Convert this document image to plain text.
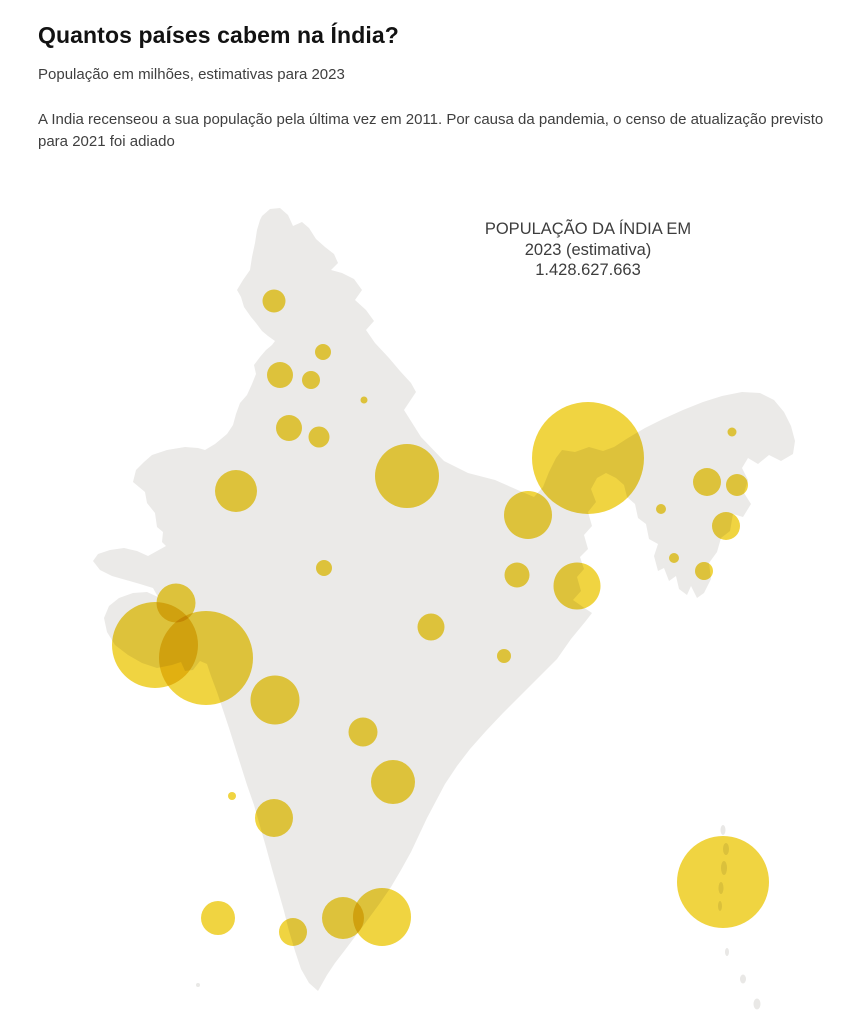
Quantos países cabem na Índia?
População em milhões, estimativas para 2023
A India recenseou a sua população pela última vez em 2011. Por causa da pandemia, o censo de atualização previsto para 2021 foi adiado
POPULAÇÃO DA ÍNDIA EM
2023 (estimativa)
1.428.627.663
